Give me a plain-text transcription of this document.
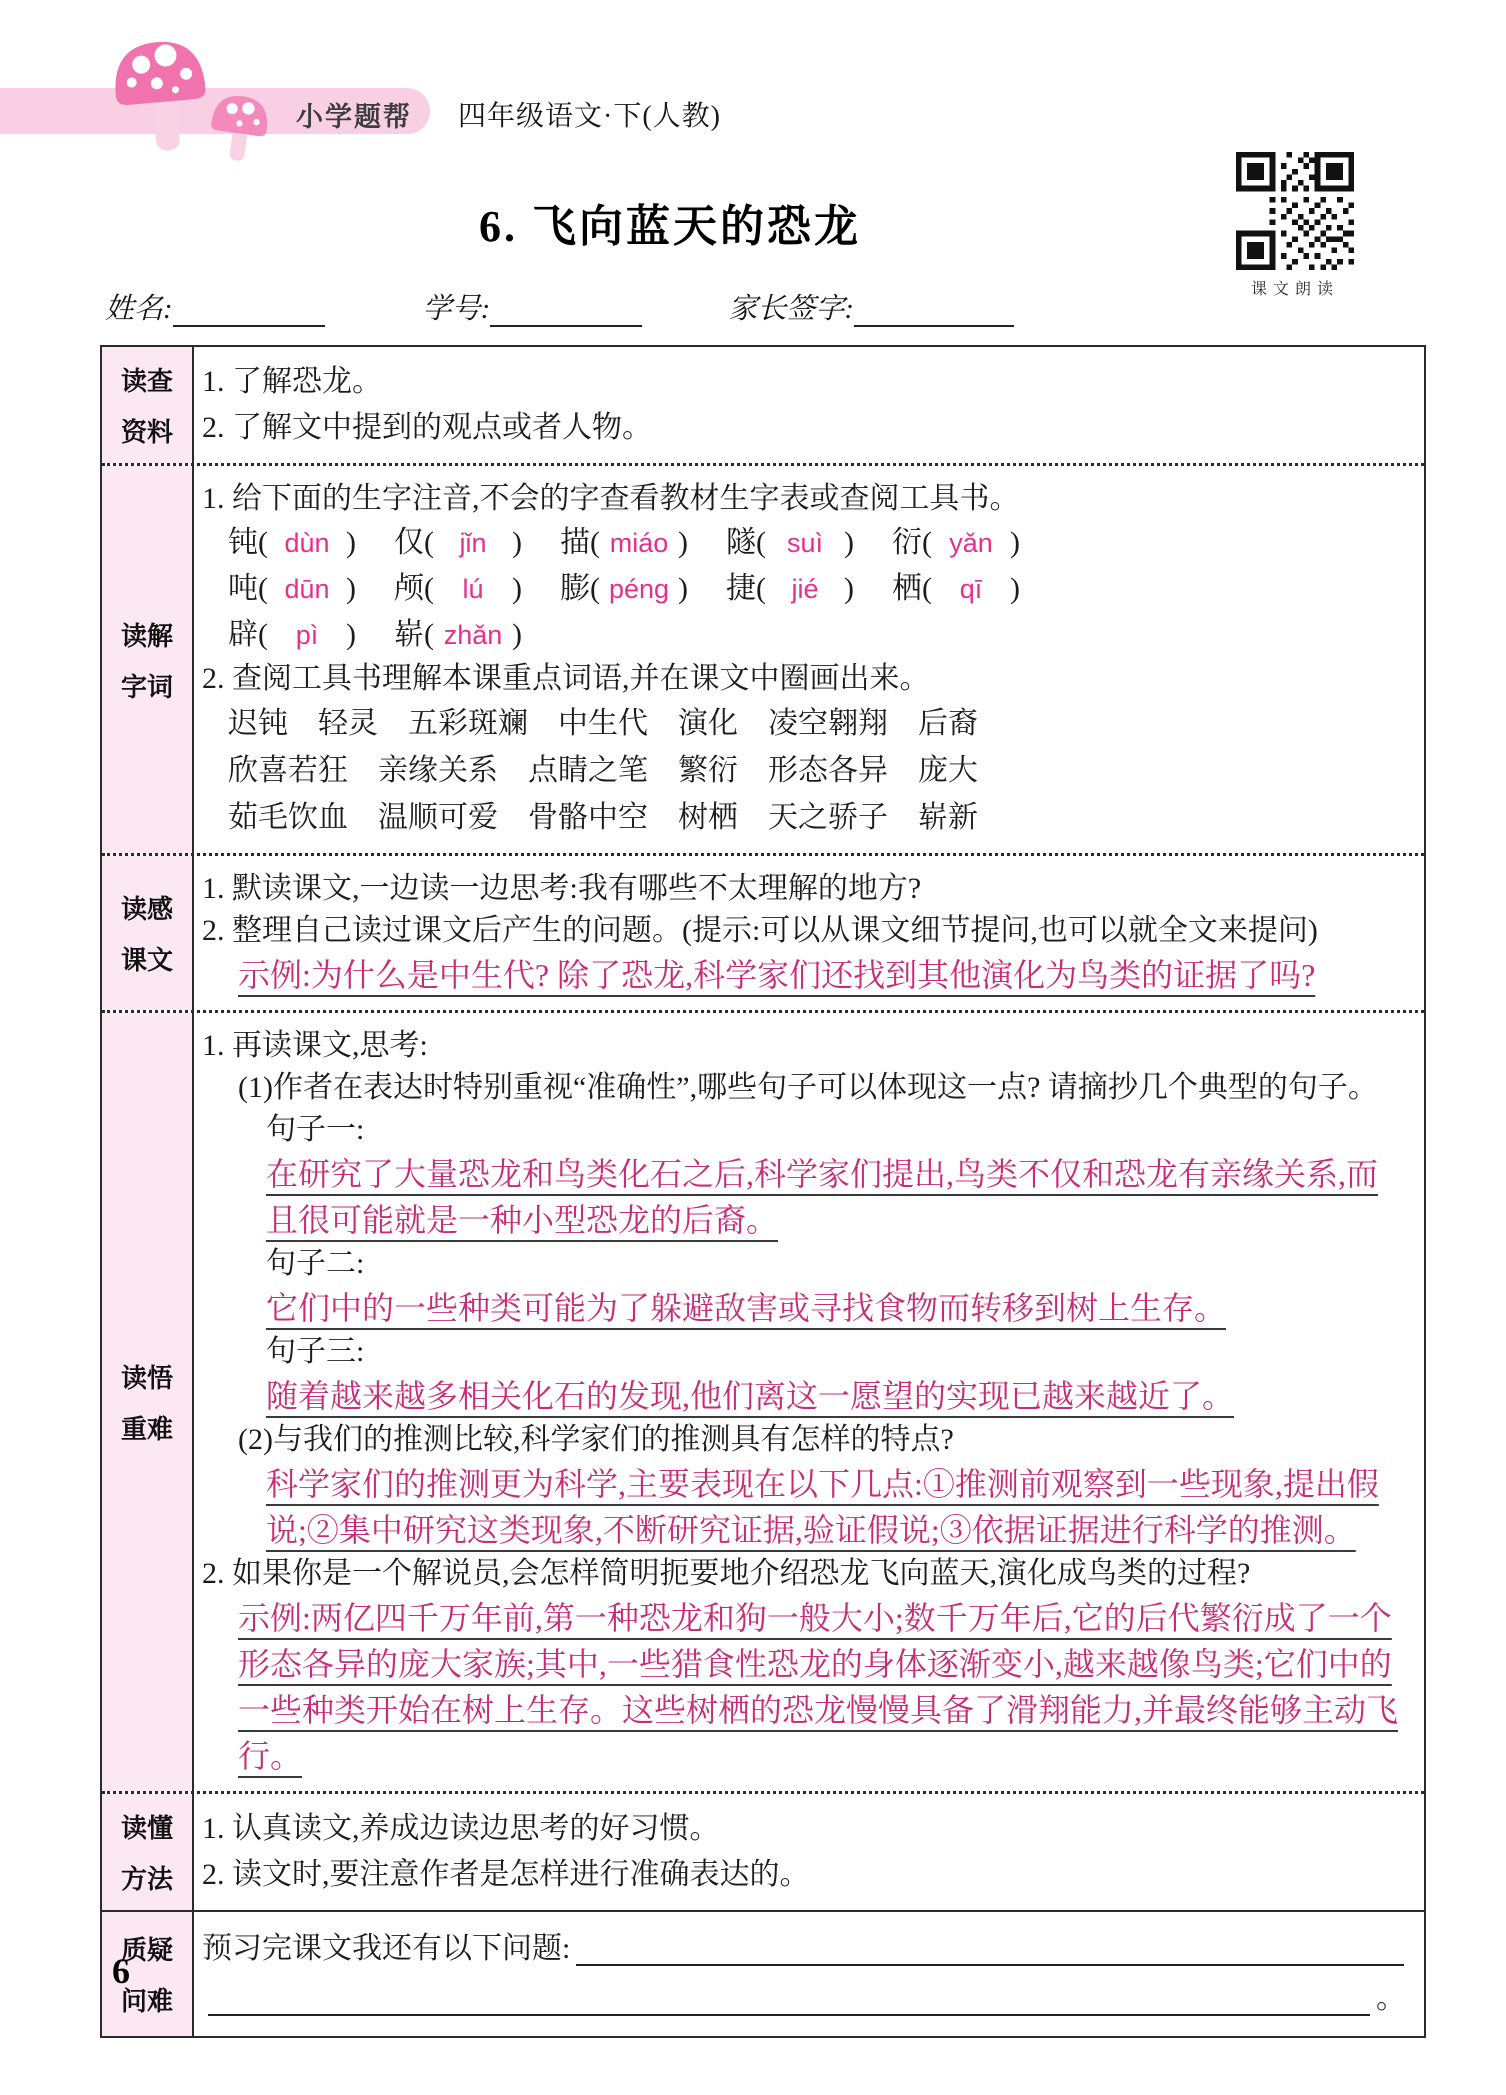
小学题帮 四年级语文·下(人教)
6. 飞向蓝天的恐龙
课文朗读
姓名:	学号:	家长签字:
读查
资料
1. 了解恐龙。
2. 了解文中提到的观点或者人物。
读解
字词
1. 给下面的生字注音,不会的字查看教材生字表或查阅工具书。
钝( dùn )	仅( jǐn )	描( miáo )	隧( suì )	衍( yǎn )
吨( dūn )	颅( lú )	膨( péng )	捷( jié )	栖( qī )
辟( pì )	崭( zhǎn )
2. 查阅工具书理解本课重点词语,并在课文中圈画出来。
迟钝　轻灵　五彩斑斓　中生代　演化　凌空翱翔　后裔
欣喜若狂　亲缘关系　点睛之笔　繁衍　形态各异　庞大
茹毛饮血　温顺可爱　骨骼中空　树栖　天之骄子　崭新
读感
课文
1. 默读课文,一边读一边思考:我有哪些不太理解的地方?
2. 整理自己读过课文后产生的问题。(提示:可以从课文细节提问,也可以就全文来提问)
示例:为什么是中生代? 除了恐龙,科学家们还找到其他演化为鸟类的证据了吗?
读悟
重难
1. 再读课文,思考:
(1)作者在表达时特别重视“准确性”,哪些句子可以体现这一点? 请摘抄几个典型的句子。
句子一:
在研究了大量恐龙和鸟类化石之后,科学家们提出,鸟类不仅和恐龙有亲缘关系,而且很可能就是一种小型恐龙的后裔。
句子二:
它们中的一些种类可能为了躲避敌害或寻找食物而转移到树上生存。
句子三:
随着越来越多相关化石的发现,他们离这一愿望的实现已越来越近了。
(2)与我们的推测比较,科学家们的推测具有怎样的特点?
科学家们的推测更为科学,主要表现在以下几点:①推测前观察到一些现象,提出假说;②集中研究这类现象,不断研究证据,验证假说;③依据证据进行科学的推测。
2. 如果你是一个解说员,会怎样简明扼要地介绍恐龙飞向蓝天,演化成鸟类的过程?
示例:两亿四千万年前,第一种恐龙和狗一般大小;数千万年后,它的后代繁衍成了一个形态各异的庞大家族;其中,一些猎食性恐龙的身体逐渐变小,越来越像鸟类;它们中的一些种类开始在树上生存。这些树栖的恐龙慢慢具备了滑翔能力,并最终能够主动飞行。
读懂
方法
1. 认真读文,养成边读边思考的好习惯。
2. 读文时,要注意作者是怎样进行准确表达的。
质疑
问难
预习完课文我还有以下问题:
。
6
